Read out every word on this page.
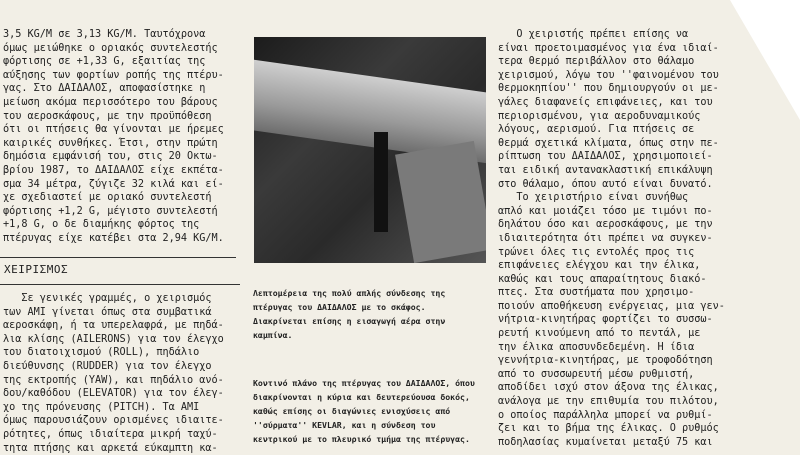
3,5 KG/M σε 3,13 KG/M. Ταυτόχρονα
όμως μειώθηκε ο οριακός συντελεστής
φόρτισης σε +1,33 G, εξαιτίας της
αύξησης των φορτίων ροπής της πτέρυ-
γας. Στο ΔΑΙΔΑΛΟΣ, αποφασίστηκε η
μείωση ακόμα περισσότερο του βάρους
του αεροσκάφους, με την προϋπόθεση
ότι οι πτήσεις θα γίνονται με ήρεμες
καιρικές συνθήκες. Έτσι, στην πρώτη
δημόσια εμφάνισή του, στις 20 Οκτω-
βρίου 1987, το ΔΑΙΔΑΛΟΣ είχε εκπέτα-
σμα 34 μέτρα, ζύγιζε 32 κιλά και εί-
χε σχεδιαστεί με οριακό συντελεστή
φόρτισης +1,2 G, μέγιστο συντελεστή
+1,8 G, ο δε διαμήκης φόρτος της
πτέρυγας είχε κατέβει στα 2,94 KG/M.
ΧΕΙΡΙΣΜΟΣ
Σε γενικές γραμμές, ο χειρισμός
των ΑΜΙ γίνεται όπως στα συμβατικά
αεροσκάφη, ή τα υπερελαφρά, με πηδά-
λια κλίσης (AILERONS) για τον έλεγχο
του διατοιχισμού (ROLL), πηδάλιο
διεύθυνσης (RUDDER) για τον έλεγχο
της εκτροπής (YAW), και πηδάλιο ανό-
δου/καθόδου (ELEVATOR) για τον έλεγ-
χο της πρόνευσης (PITCH). Τα ΑΜΙ
όμως παρουσιάζουν ορισμένες ιδιαιτε-
ρότητες, όπως ιδιαίτερα μικρή ταχύ-
τητα πτήσης και αρκετά εύκαμπτη κα-
Λεπτομέρεια της πολύ απλής σύνδεσης της
πτέρυγας του ΔΑΙΔΑΛΟΣ με το σκάφος.
Διακρίνεται επίσης η εισαγωγή αέρα στην
καμπίνα.
Κοντινό πλάνο της πτέρυγας του ΔΑΙΔΑΛΟΣ, όπου
διακρίνονται η κύρια και δευτερεύουσα δοκός,
καθώς επίσης οι διαγώνιες ενισχύσεις από
''σύρματα'' KEVLAR, και η σύνδεση του
κεντρικού με το πλευρικό τμήμα της πτέρυγας.
Ο χειριστής πρέπει επίσης να
είναι προετοιμασμένος για ένα ιδιαί-
τερα θερμό περιβάλλον στο θάλαμο
χειρισμού, λόγω του ''φαινομένου του
θερμοκηπίου'' που δημιουργούν οι με-
γάλες διαφανείς επιφάνειες, και του
περιορισμένου, για αεροδυναμικούς
λόγους, αερισμού. Για πτήσεις σε
θερμά σχετικά κλίματα, όπως στην πε-
ρίπτωση του ΔΑΙΔΑΛΟΣ, χρησιμοποιεί-
ται ειδική αντανακλαστική επικάλυψη
στο θάλαμο, όπου αυτό είναι δυνατό.
Το χειριστήριο είναι συνήθως
απλό και μοιάζει τόσο με τιμόνι πο-
δηλάτου όσο και αεροσκάφους, με την
ιδιαιτερότητα ότι πρέπει να συγκεν-
τρώνει όλες τις εντολές προς τις
επιφάνειες ελέγχου και την έλικα,
καθώς και τους απαραίτητους διακό-
πτες. Στα συστήματα που χρησιμο-
ποιούν αποθήκευση ενέργειας, μια γεν-
νήτρια-κινητήρας φορτίζει το συσσω-
ρευτή κινούμενη από το πεντάλ, με
την έλικα αποσυνδεδεμένη. Η ίδια
γεννήτρια-κινητήρας, με τροφοδότηση
από το συσσωρευτή μέσω ρυθμιστή,
αποδίδει ισχύ στον άξονα της έλικας,
ανάλογα με την επιθυμία του πιλότου,
ο οποίος παράλληλα μπορεί να ρυθμί-
ζει και το βήμα της έλικας. Ο ρυθμός
ποδηλασίας κυμαίνεται μεταξύ 75 και
